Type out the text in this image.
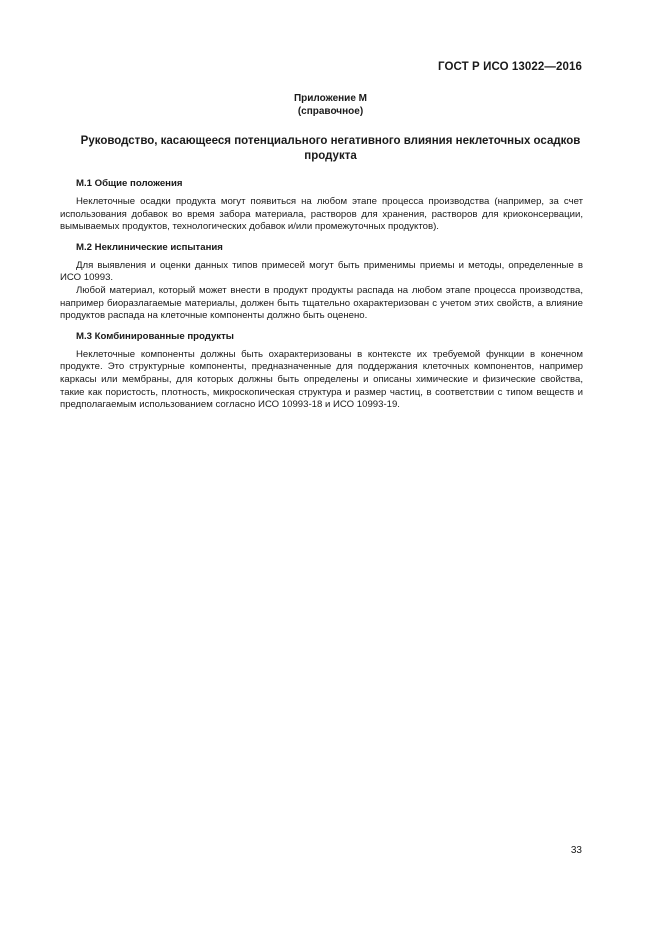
ГОСТ Р ИСО 13022—2016
Приложение М
(справочное)
Руководство, касающееся потенциального негативного влияния неклеточных осадков продукта
М.1 Общие положения

Неклеточные осадки продукта могут появиться на любом этапе процесса производства (например, за счет использования добавок во время забора материала, растворов для хранения, растворов для криоконсервации, вымываемых продуктов, технологических добавок и/или промежуточных продуктов).

М.2 Неклинические испытания

Для выявления и оценки данных типов примесей могут быть применимы приемы и методы, определенные в ИСО 10993.

Любой материал, который может внести в продукт продукты распада на любом этапе процесса производства, например биоразлагаемые материалы, должен быть тщательно охарактеризован с учетом этих свойств, а влияние продуктов распада на клеточные компоненты должно быть оценено.

М.3 Комбинированные продукты

Неклеточные компоненты должны быть охарактеризованы в контексте их требуемой функции в конечном продукте. Это структурные компоненты, предназначенные для поддержания клеточных компонентов, например каркасы или мембраны, для которых должны быть определены и описаны химические и физические свойства, такие как пористость, плотность, микроскопическая структура и размер частиц, в соответствии с типом веществ и предполагаемым использованием согласно ИСО 10993-18 и ИСО 10993-19.

33
